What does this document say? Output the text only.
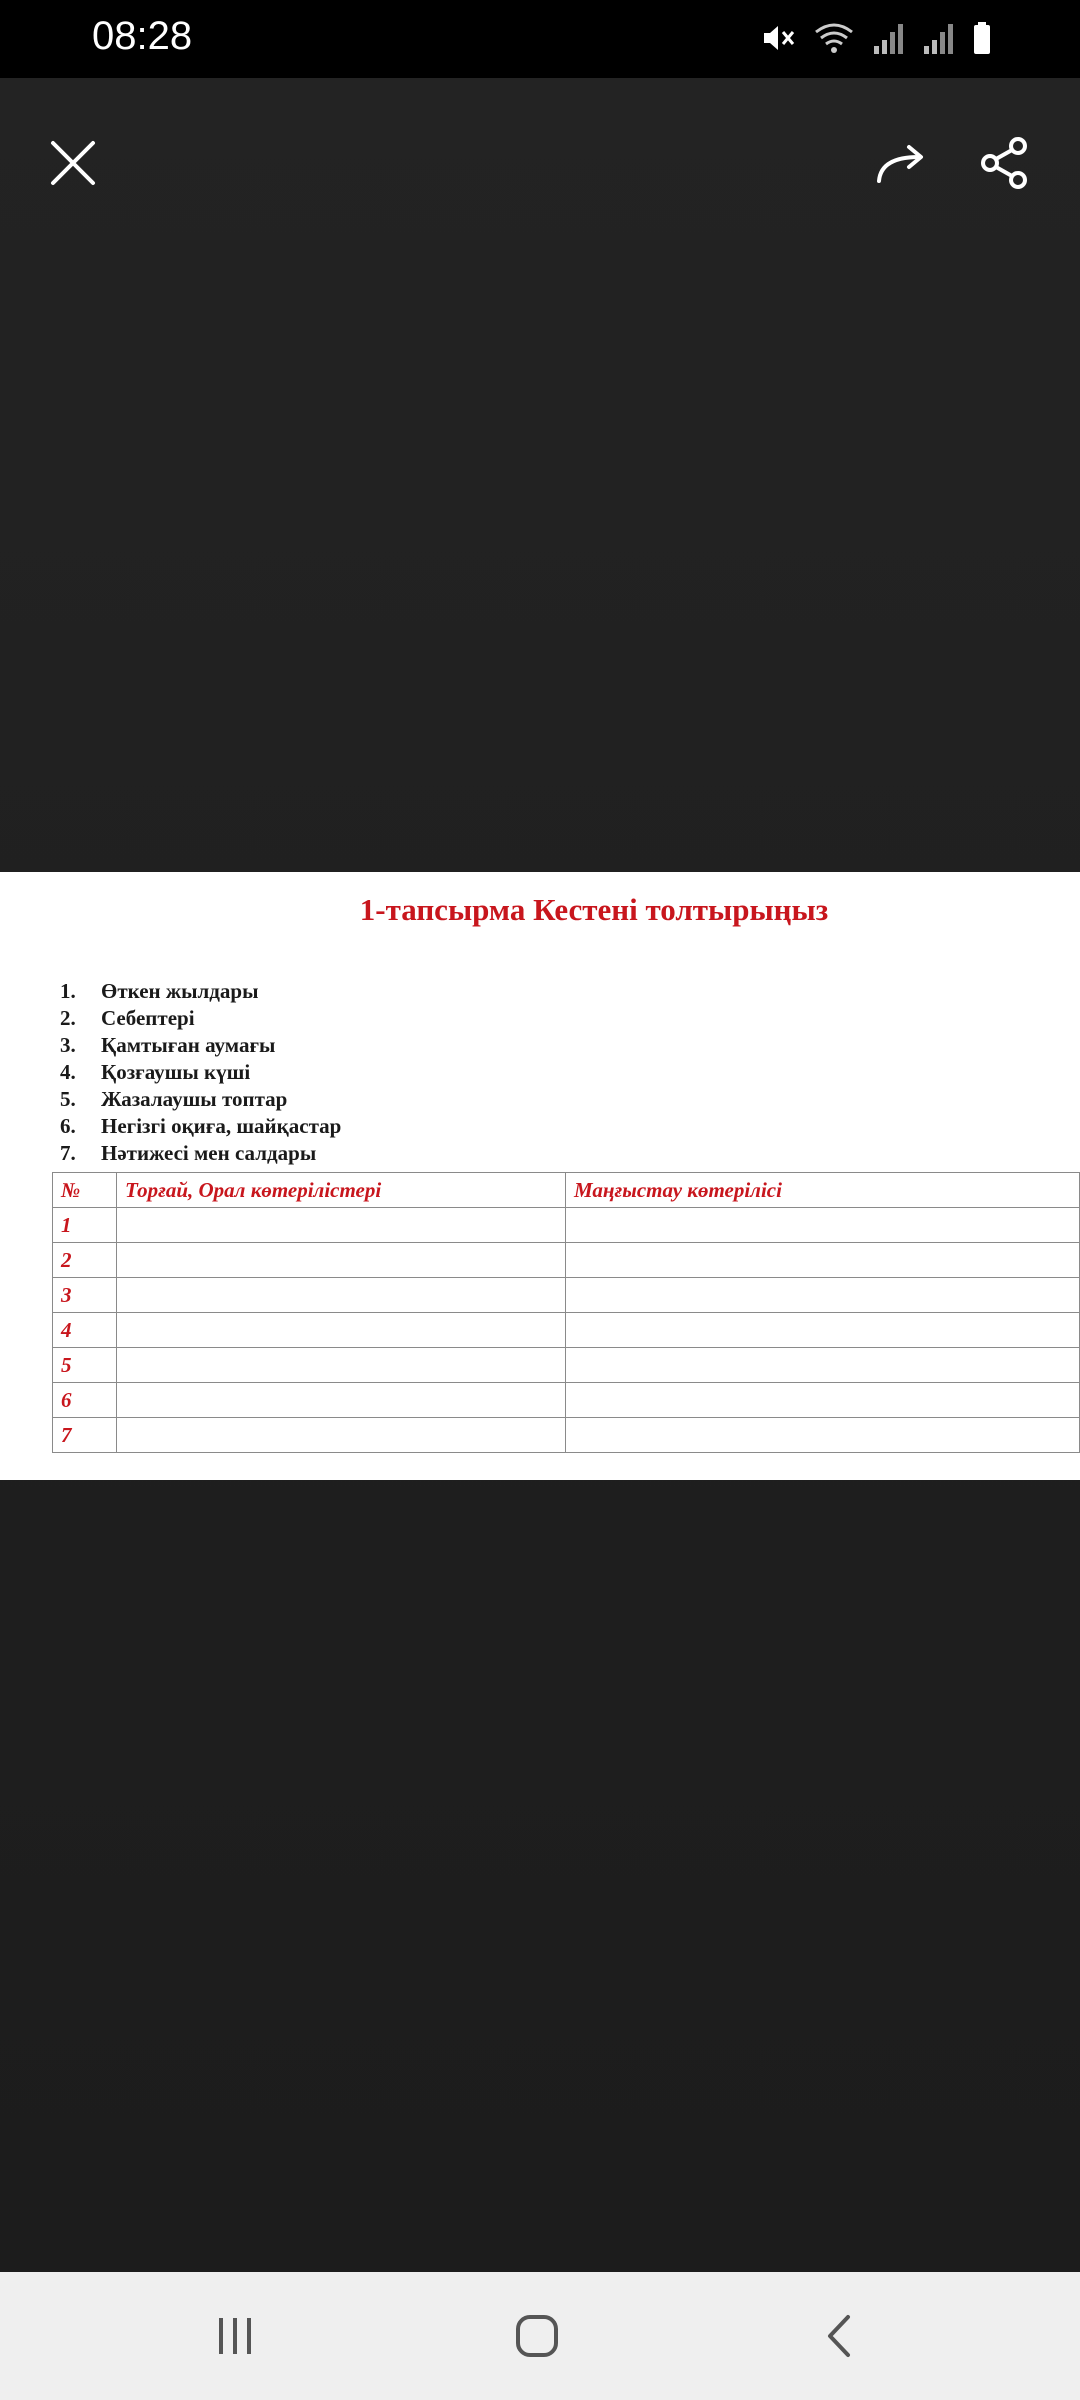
08:28
1-тапсырма Кестені толтырыңыз
1.	Өткен жылдары
2.	Себептері
3.	Қамтыған аумағы
4.	Қозғаушы күші
5.	Жазалаушы топтар
6.	Негізгі оқиға, шайқастар
7.	Нәтижесі мен салдары
№	Торғай, Орал көтерілістері	Маңғыстау көтерілісі
1		
2		
3		
4		
5		
6		
7		
